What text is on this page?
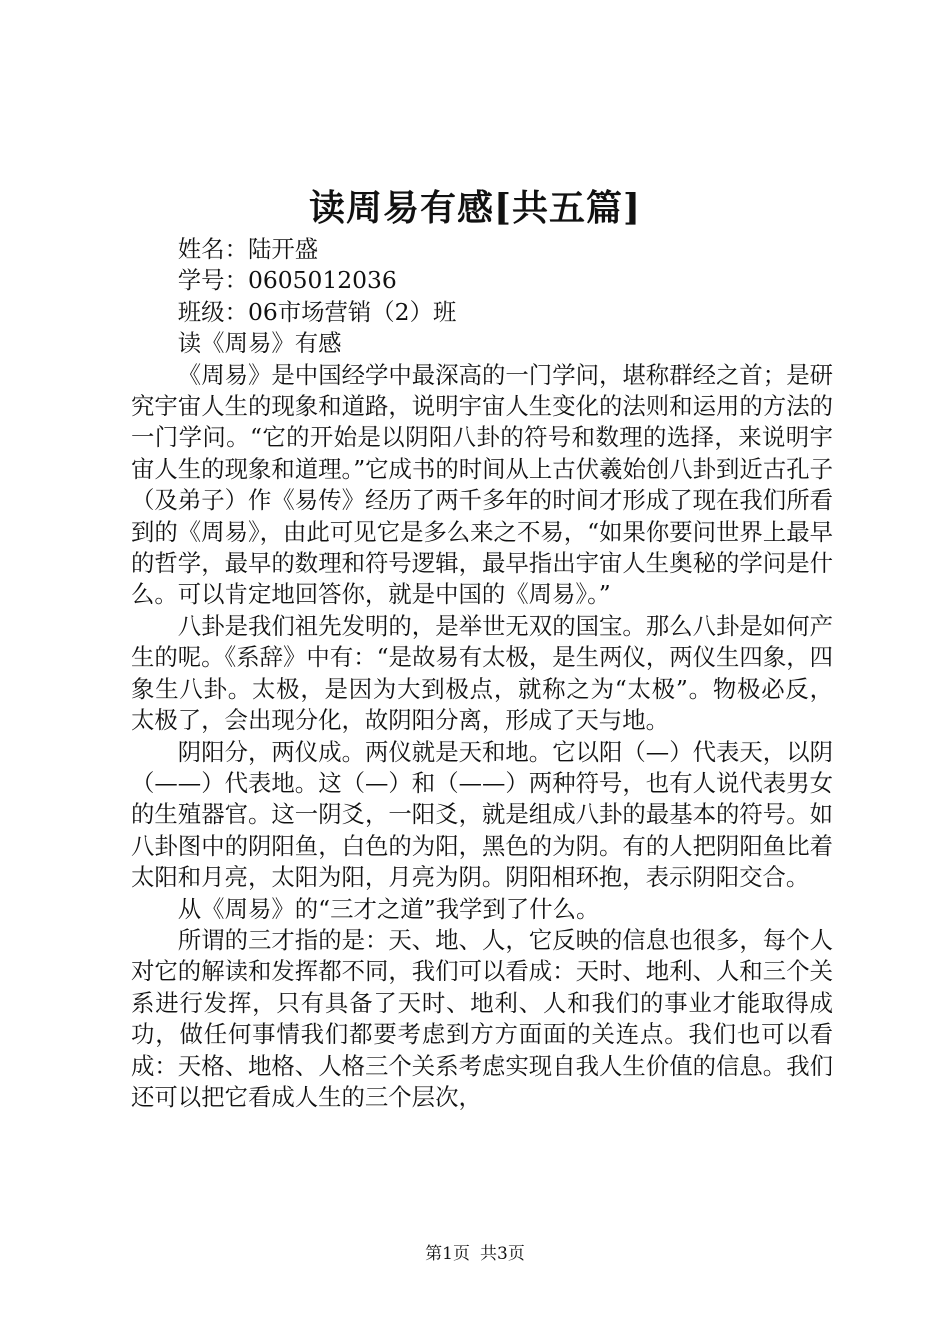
读周易有感[共五篇]

姓名：陆开盛

学号：0605012036

班级：06市场营销（2）班

读《周易》有感

《周易》是中国经学中最深高的一门学问，堪称群经之首；是研究宇宙人生的现象和道路，说明宇宙人生变化的法则和运用的方法的一门学问。“它的开始是以阴阳八卦的符号和数理的选择，来说明宇宙人生的现象和道理。”它成书的时间从上古伏羲始创八卦到近古孔子（及弟子）作《易传》经历了两千多年的时间才形成了现在我们所看到的《周易》，由此可见它是多么来之不易，“如果你要问世界上最早的哲学，最早的数理和符号逻辑，最早指出宇宙人生奥秘的学问是什么。可以肯定地回答你，就是中国的《周易》。”

八卦是我们祖先发明的，是举世无双的国宝。那么八卦是如何产生的呢。《系辞》中有：“是故易有太极，是生两仪，两仪生四象，四象生八卦。太极，是因为大到极点，就称之为“太极”。物极必反，太极了，会出现分化，故阴阳分离，形成了天与地。

阴阳分，两仪成。两仪就是天和地。它以阳（—）代表天，以阴（——）代表地。这（—）和（——）两种符号，也有人说代表男女的生殖器官。这一阴爻，一阳爻，就是组成八卦的最基本的符号。如八卦图中的阴阳鱼，白色的为阳，黑色的为阴。有的人把阴阳鱼比着太阳和月亮，太阳为阳，月亮为阴。阴阳相环抱，表示阴阳交合。

从《周易》的“三才之道”我学到了什么。

所谓的三才指的是：天、地、人，它反映的信息也很多，每个人对它的解读和发挥都不同，我们可以看成：天时、地利、人和三个关系进行发挥，只有具备了天时、地利、人和我们的事业才能取得成功，做任何事情我们都要考虑到方方面面的关连点。我们也可以看成：天格、地格、人格三个关系考虑实现自我人生价值的信息。我们还可以把它看成人生的三个层次，

第1页 共3页
